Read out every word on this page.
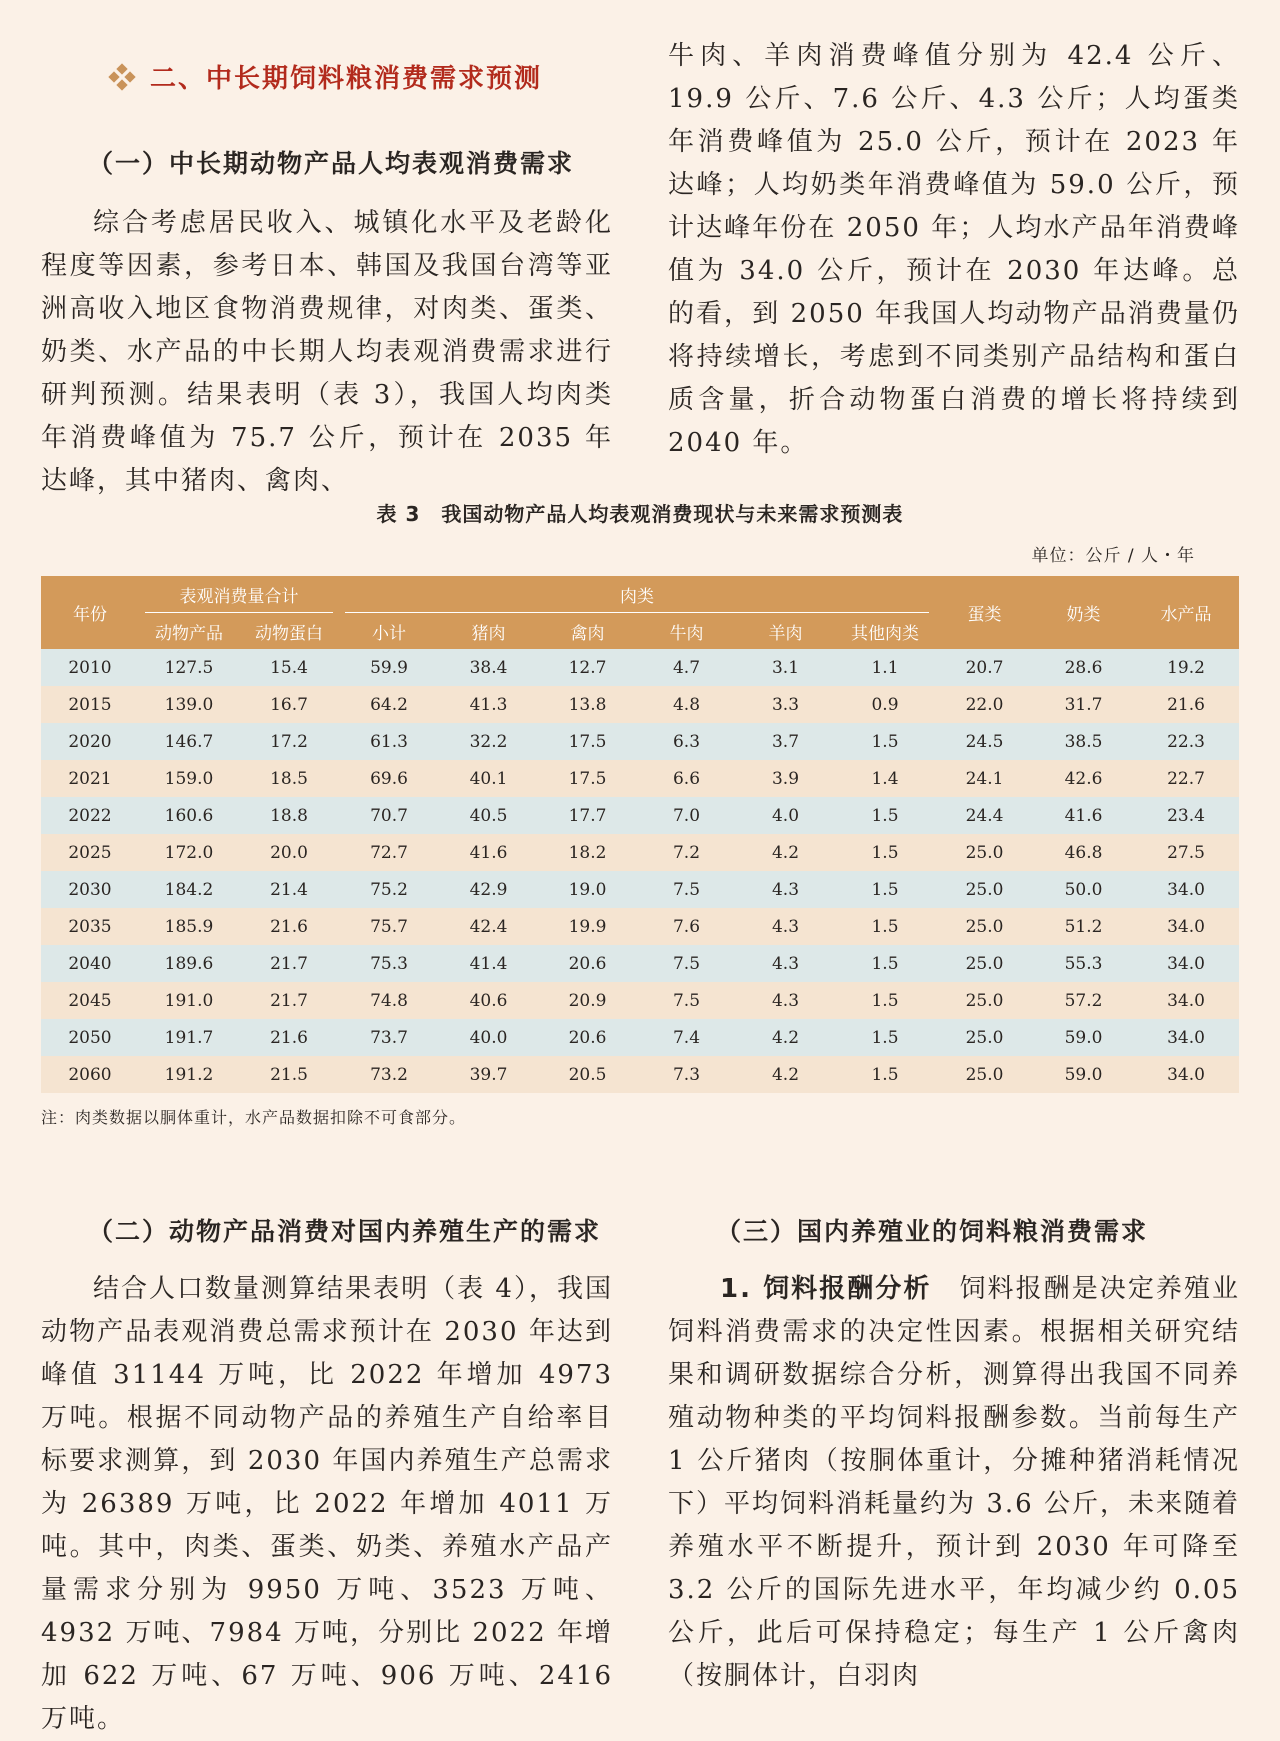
二、中长期饲料粮消费需求预测
（一）中长期动物产品人均表观消费需求

综合考虑居民收入、城镇化水平及老龄化程度等因素，参考日本、韩国及我国台湾等亚洲高收入地区食物消费规律，对肉类、蛋类、奶类、水产品的中长期人均表观消费需求进行研判预测。结果表明（表 3），我国人均肉类年消费峰值为 75.7 公斤，预计在 2035 年达峰，其中猪肉、禽肉、

牛肉、羊肉消费峰值分别为 42.4 公斤、19.9 公斤、7.6 公斤、4.3 公斤；人均蛋类年消费峰值为 25.0 公斤，预计在 2023 年达峰；人均奶类年消费峰值为 59.0 公斤，预计达峰年份在 2050 年；人均水产品年消费峰值为 34.0 公斤，预计在 2030 年达峰。总的看，到 2050 年我国人均动物产品消费量仍将持续增长，考虑到不同类别产品结构和蛋白质含量，折合动物蛋白消费的增长将持续到 2040 年。

表 3　我国动物产品人均表观消费现状与未来需求预测表
单位：公斤 / 人・年
年份	表观消费量合计		肉类						蛋类	奶类	水产品
	动物产品	动物蛋白	小计	猪肉	禽肉	牛肉	羊肉	其他肉类			
2010	127.5	15.4	59.9	38.4	12.7	4.7	3.1	1.1	20.7	28.6	19.2
2015	139.0	16.7	64.2	41.3	13.8	4.8	3.3	0.9	22.0	31.7	21.6
2020	146.7	17.2	61.3	32.2	17.5	6.3	3.7	1.5	24.5	38.5	22.3
2021	159.0	18.5	69.6	40.1	17.5	6.6	3.9	1.4	24.1	42.6	22.7
2022	160.6	18.8	70.7	40.5	17.7	7.0	4.0	1.5	24.4	41.6	23.4
2025	172.0	20.0	72.7	41.6	18.2	7.2	4.2	1.5	25.0	46.8	27.5
2030	184.2	21.4	75.2	42.9	19.0	7.5	4.3	1.5	25.0	50.0	34.0
2035	185.9	21.6	75.7	42.4	19.9	7.6	4.3	1.5	25.0	51.2	34.0
2040	189.6	21.7	75.3	41.4	20.6	7.5	4.3	1.5	25.0	55.3	34.0
2045	191.0	21.7	74.8	40.6	20.9	7.5	4.3	1.5	25.0	57.2	34.0
2050	191.7	21.6	73.7	40.0	20.6	7.4	4.2	1.5	25.0	59.0	34.0
2060	191.2	21.5	73.2	39.7	20.5	7.3	4.2	1.5	25.0	59.0	34.0
注：肉类数据以胴体重计，水产品数据扣除不可食部分。
（二）动物产品消费对国内养殖生产的需求	（三）国内养殖业的饲料粮消费需求

结合人口数量测算结果表明（表 4），我国动物产品表观消费总需求预计在 2030 年达到峰值 31144 万吨，比 2022 年增加 4973 万吨。根据不同动物产品的养殖生产自给率目标要求测算，到 2030 年国内养殖生产总需求为 26389 万吨，比 2022 年增加 4011 万吨。其中，肉类、蛋类、奶类、养殖水产品产量需求分别为 9950 万吨、3523 万吨、4932 万吨、7984 万吨，分别比 2022 年增加 622 万吨、67 万吨、906 万吨、2416 万吨。

1. 饲料报酬分析　饲料报酬是决定养殖业饲料消费需求的决定性因素。根据相关研究结果和调研数据综合分析，测算得出我国不同养殖动物种类的平均饲料报酬参数。当前每生产 1 公斤猪肉（按胴体重计，分摊种猪消耗情况下）平均饲料消耗量约为 3.6 公斤，未来随着养殖水平不断提升，预计到 2030 年可降至 3.2 公斤的国际先进水平，年均减少约 0.05 公斤，此后可保持稳定；每生产 1 公斤禽肉（按胴体计，白羽肉
